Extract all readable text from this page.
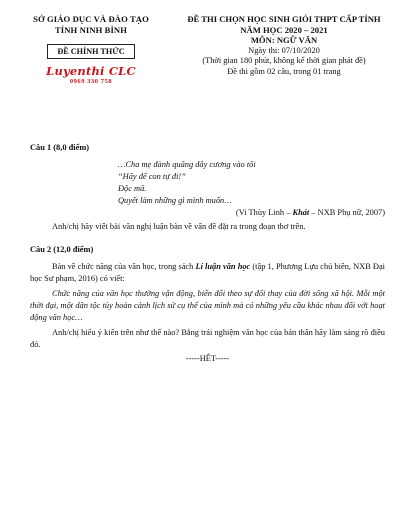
SỞ GIÁO DỤC VÀ ĐÀO TẠO
TỈNH NINH BÌNH
ĐỀ CHÍNH THỨC
Luyenthi CLC
0969 330 758
ĐỀ THI CHỌN HỌC SINH GIỎI THPT CẤP TỈNH
NĂM HỌC 2020 – 2021
MÔN: NGỮ VĂN
Ngày thi: 07/10/2020
(Thời gian 180 phút, không kể thời gian phát đề)
Đề thi gồm 02 câu, trong 01 trang
Câu 1 (8,0 điểm)
…Cha mẹ đành quăng dây cương vào tôi
“Hãy để con tự đi!”
Độc mã.
Quyết làm những gì mình muốn…
(Vi Thùy Linh – Khát – NXB Phụ nữ, 2007)
Anh/chị hãy viết bài văn nghị luận bàn về vấn đề đặt ra trong đoạn thơ trên.
Câu 2 (12,0 điểm)
Bàn về chức năng của văn học, trong sách Lí luận văn học (tập 1, Phương Lựu chủ biên, NXB Đại học Sư phạm, 2016) có viết:
Chức năng của văn học thường vận động, biến đổi theo sự đổi thay của đời sống xã hội. Mỗi một thời đại, một dân tộc tùy hoàn cảnh lịch sử cụ thể của mình mà có những yêu cầu khác nhau đối với hoạt động văn học…
Anh/chị hiểu ý kiến trên như thế nào? Bằng trải nghiệm văn học của bản thân hãy làm sáng rõ điều đó.
-----HẾT-----
